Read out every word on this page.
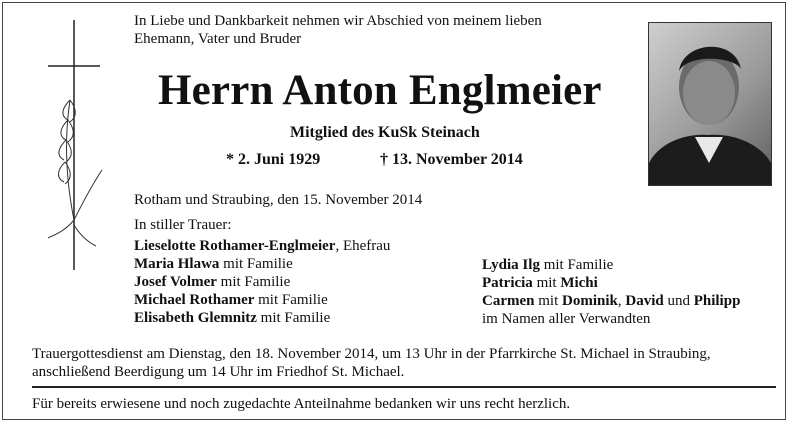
In Liebe und Dankbarkeit nehmen wir Abschied von meinem lieben
Ehemann, Vater und Bruder
Herrn Anton Englmeier
Mitglied des KuSk Steinach
* 2. Juni 1929	† 13. November 2014
Rotham und Straubing, den 15. November 2014
In stiller Trauer:
Lieselotte Rothamer-Englmeier, Ehefrau
Maria Hlawa mit Familie
Josef Volmer mit Familie
Michael Rothamer mit Familie
Elisabeth Glemnitz mit Familie
Lydia Ilg mit Familie
Patricia mit Michi
Carmen mit Dominik, David und Philipp
im Namen aller Verwandten
Trauergottesdienst am Dienstag, den 18. November 2014, um 13 Uhr in der Pfarrkirche St. Michael in Straubing,
anschließend Beerdigung um 14 Uhr im Friedhof St. Michael.
Für bereits erwiesene und noch zugedachte Anteilnahme bedanken wir uns recht herzlich.
